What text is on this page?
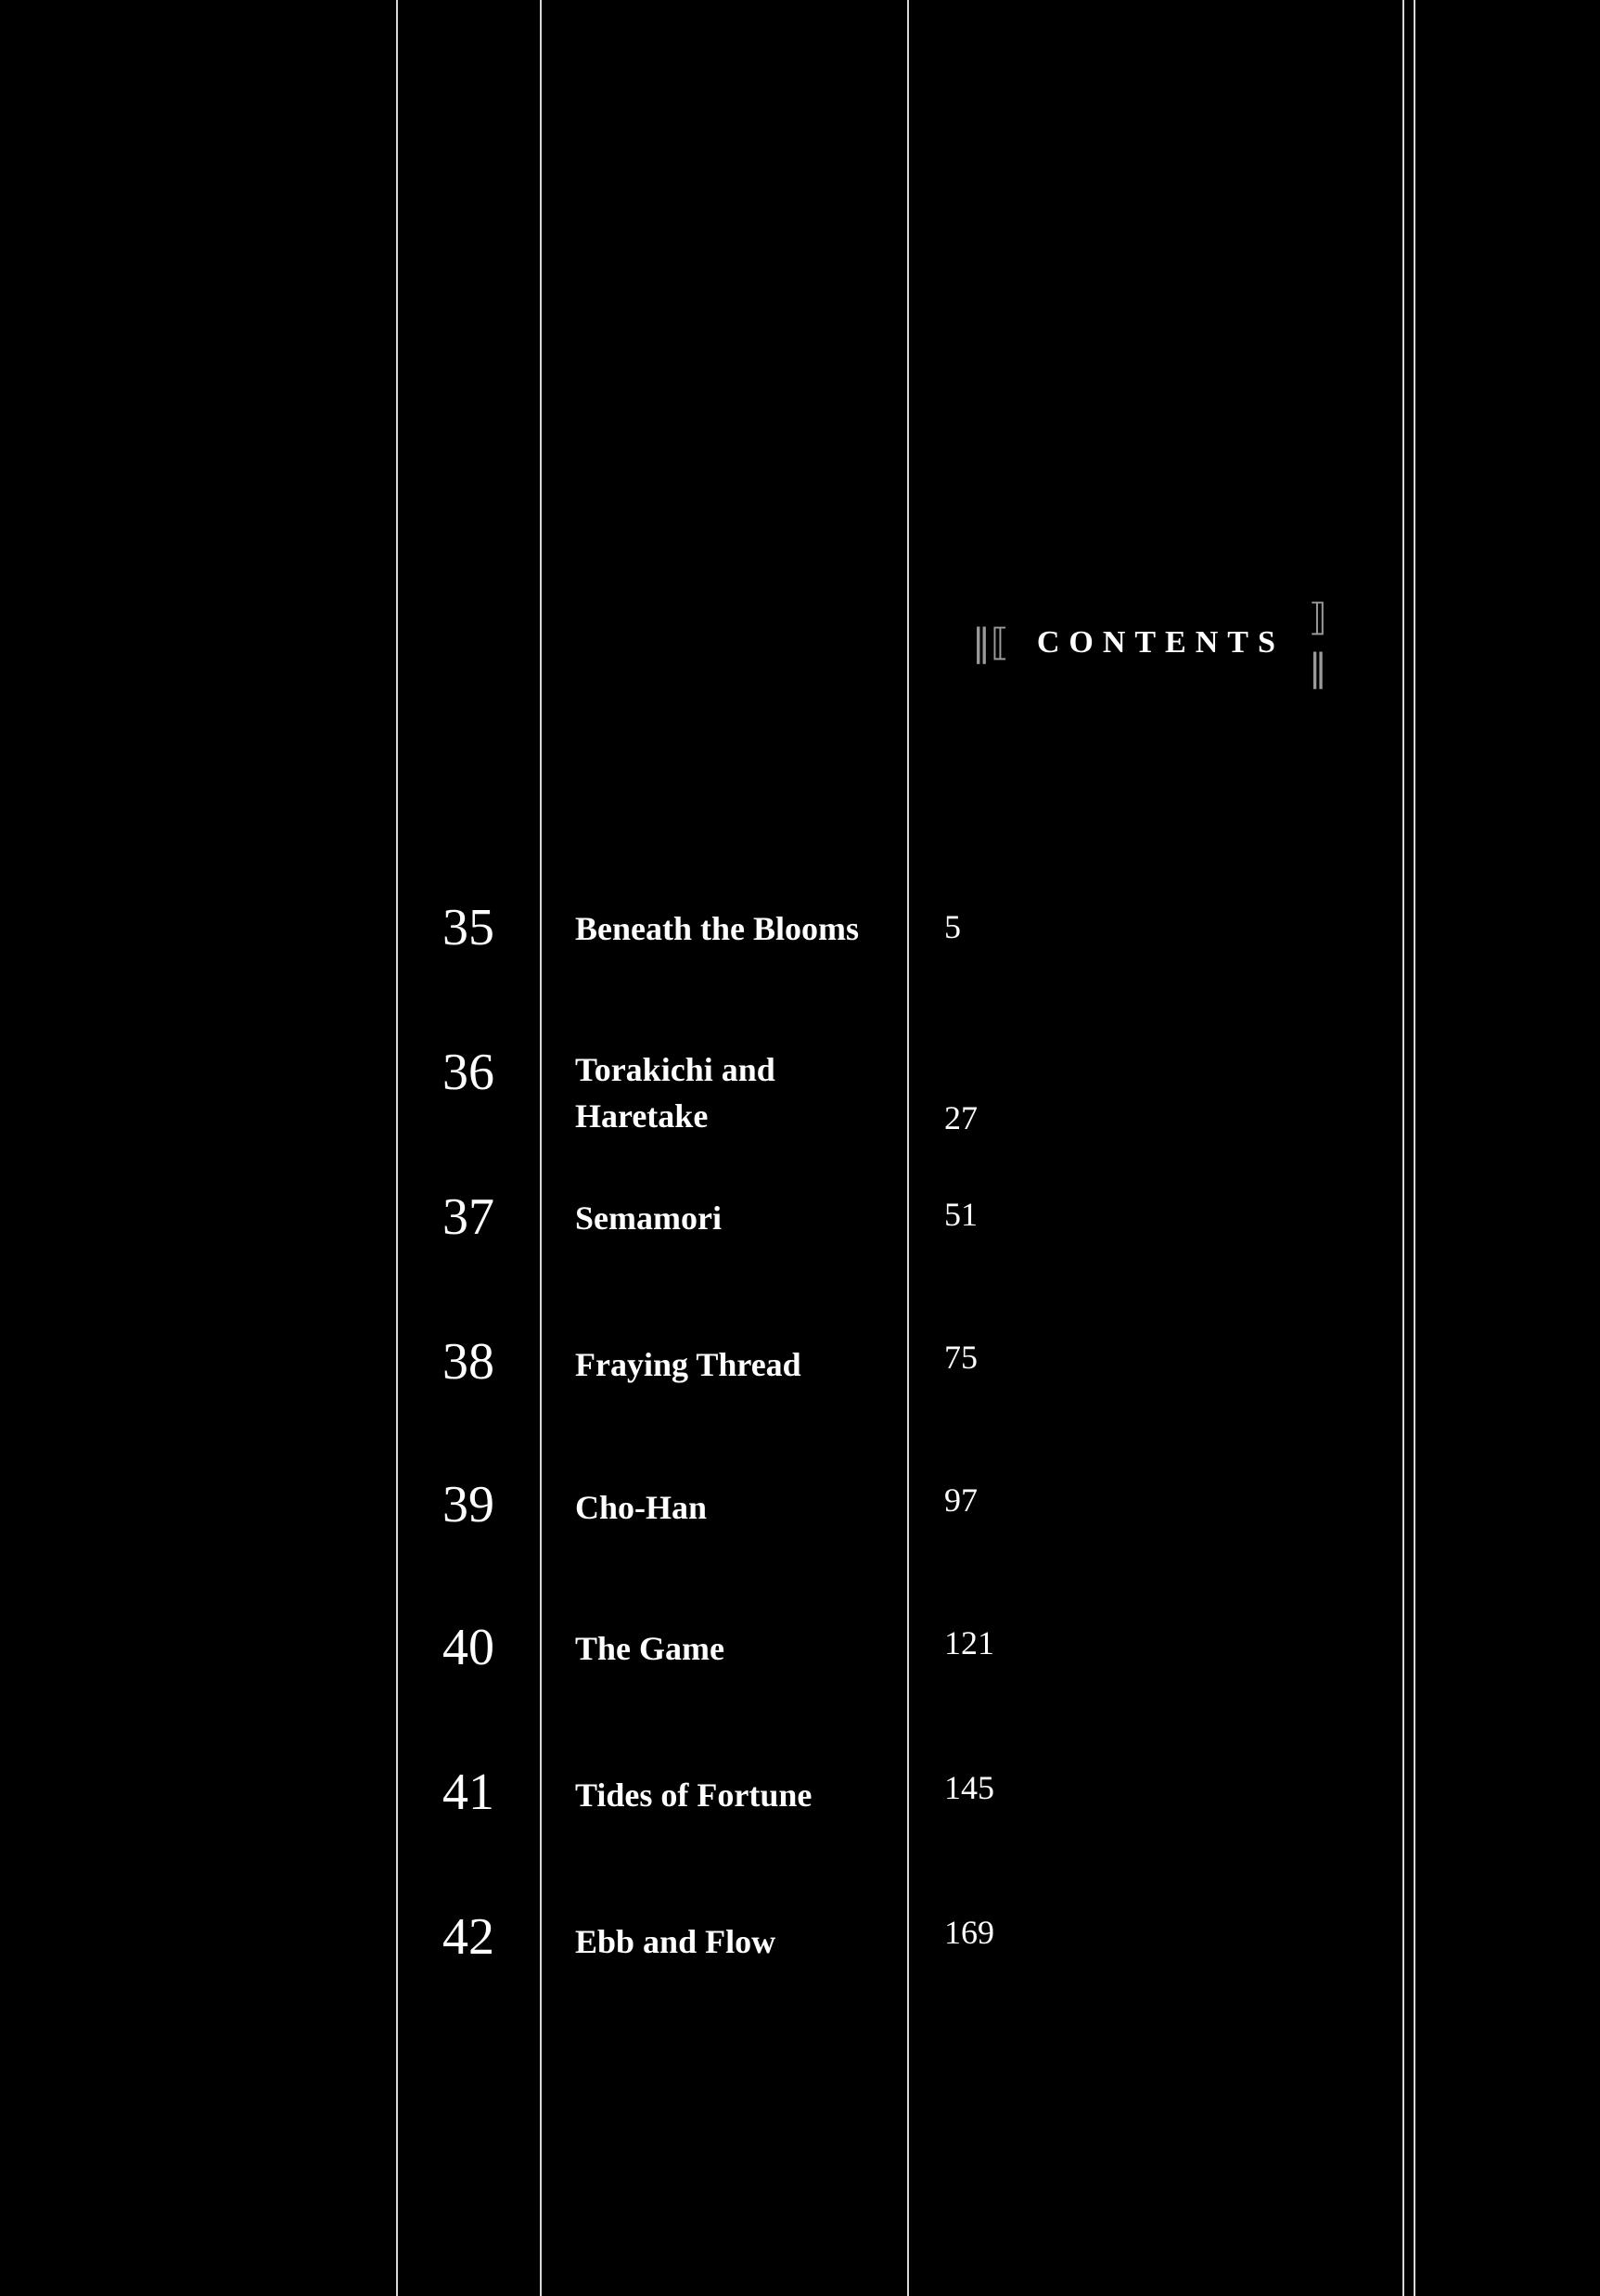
‖⟦ CONTENTS
⟧‖
35	Beneath the Blooms	5
36	Torakichi and Haretake	27
37	Semamori	51
38	Fraying Thread	75
39	Cho-Han	97
40	The Game	121
41	Tides of Fortune	145
42	Ebb and Flow	169
